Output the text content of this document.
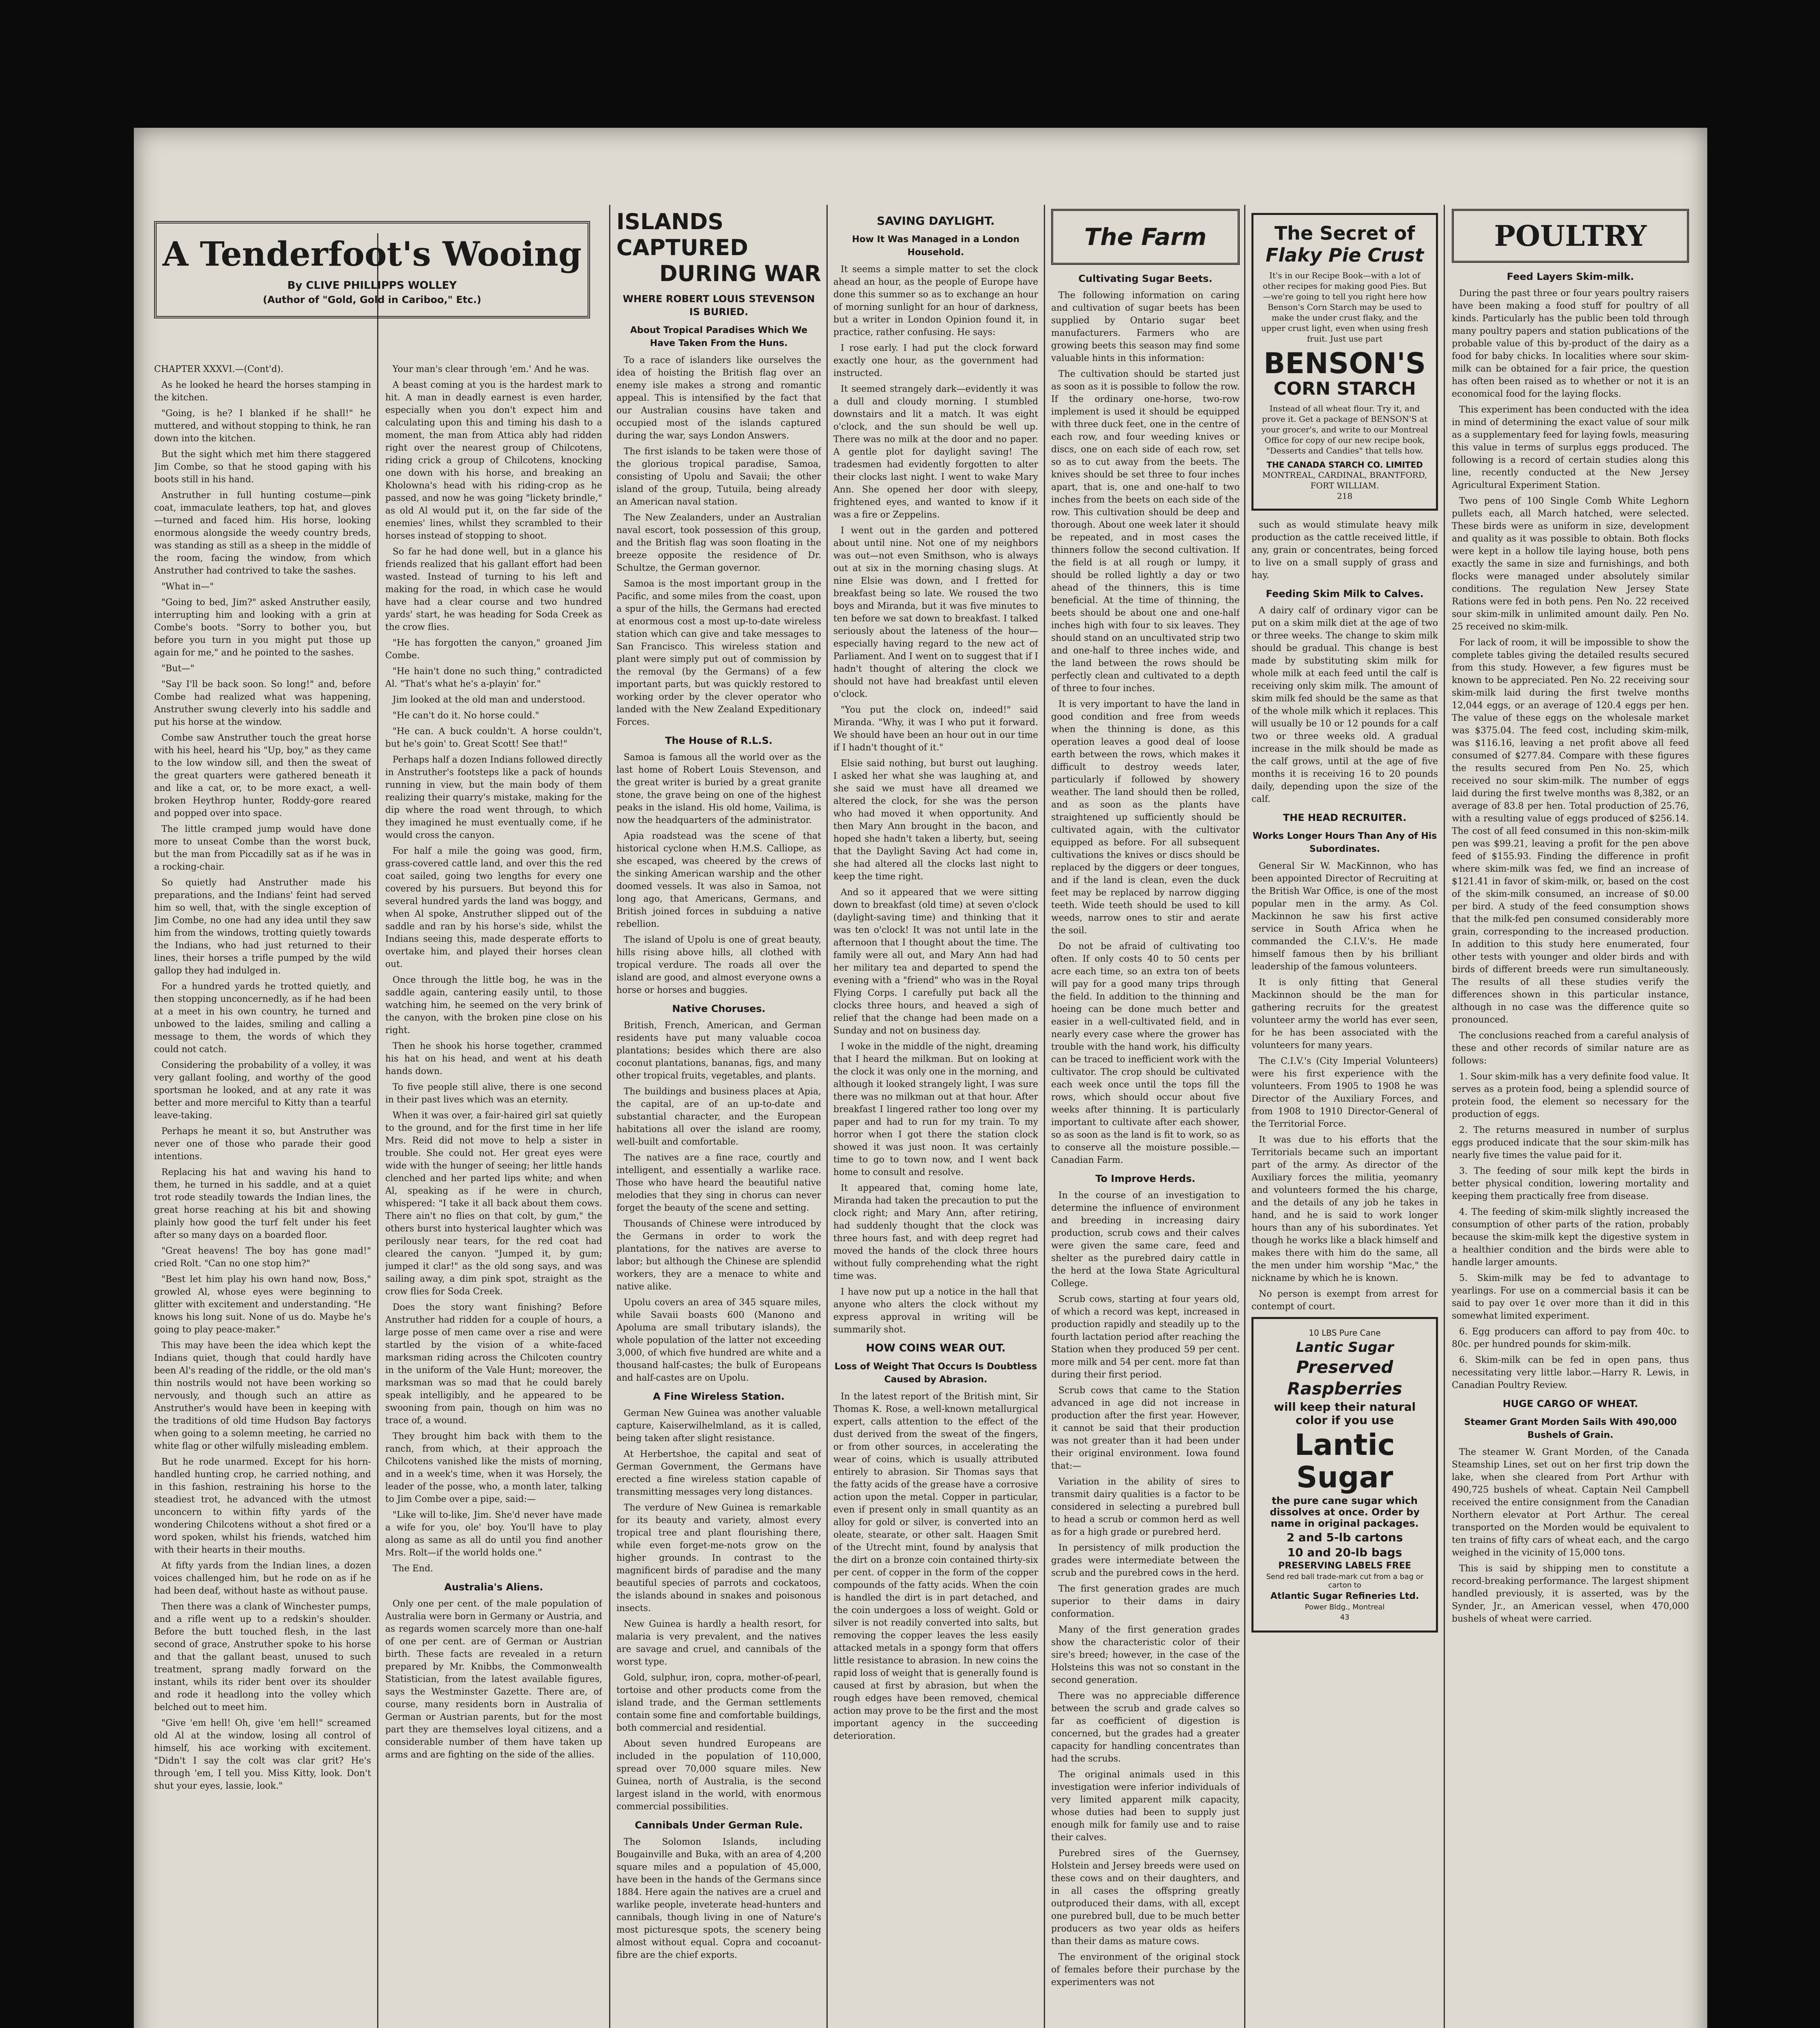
A Tenderfoot's Wooing
By CLIVE PHILLIPPS WOLLEY
(Author of "Gold, Gold in Cariboo," Etc.)

CHAPTER XXXVI.—(Cont'd).

As he looked he heard the horses stamping in the kitchen.

"Going, is he? I blanked if he shall!" he muttered, and without stopping to think, he ran down into the kitchen.

But the sight which met him there staggered Jim Combe, so that he stood gaping with his boots still in his hand.

Anstruther in full hunting costume—pink coat, immaculate leathers, top hat, and gloves—turned and faced him. His horse, looking enormous alongside the weedy country breds, was standing as still as a sheep in the middle of the room, facing the window, from which Anstruther had contrived to take the sashes.

"What in—"

"Going to bed, Jim?" asked Anstruther easily, interrupting him and looking with a grin at Combe's boots. "Sorry to bother you, but before you turn in you might put those up again for me," and he pointed to the sashes.

"But—"

"Say I'll be back soon. So long!" and, before Combe had realized what was happening, Anstruther swung cleverly into his saddle and put his horse at the window.

Combe saw Anstruther touch the great horse with his heel, heard his "Up, boy," as they came to the low window sill, and then the sweat of the great quarters were gathered beneath it and like a cat, or, to be more exact, a well-broken Heythrop hunter, Roddy-gore reared and popped over into space.

The little cramped jump would have done more to unseat Combe than the worst buck, but the man from Piccadilly sat as if he was in a rocking-chair.

So quietly had Anstruther made his preparations, and the Indians' feint had served him so well, that, with the single exception of Jim Combe, no one had any idea until they saw him from the windows, trotting quietly towards the Indians, who had just returned to their lines, their horses a trifle pumped by the wild gallop they had indulged in.

For a hundred yards he trotted quietly, and then stopping unconcernedly, as if he had been at a meet in his own country, he turned and unbowed to the laides, smiling and calling a message to them, the words of which they could not catch.

Considering the probability of a volley, it was very gallant fooling, and worthy of the good sportsman he looked, and at any rate it was better and more merciful to Kitty than a tearful leave-taking.

Perhaps he meant it so, but Anstruther was never one of those who parade their good intentions.

Replacing his hat and waving his hand to them, he turned in his saddle, and at a quiet trot rode steadily towards the Indian lines, the great horse reaching at his bit and showing plainly how good the turf felt under his feet after so many days on a boarded floor.

"Great heavens! The boy has gone mad!" cried Rolt. "Can no one stop him?"

"Best let him play his own hand now, Boss," growled Al, whose eyes were beginning to glitter with excitement and understanding. "He knows his long suit. None of us do. Maybe he's going to play peace-maker."

This may have been the idea which kept the Indians quiet, though that could hardly have been Al's reading of the riddle, or the old man's thin nostrils would not have been working so nervously, and though such an attire as Anstruther's would have been in keeping with the traditions of old time Hudson Bay factorys when going to a solemn meeting, he carried no white flag or other wilfully misleading emblem.

But he rode unarmed. Except for his horn-handled hunting crop, he carried nothing, and in this fashion, restraining his horse to the steadiest trot, he advanced with the utmost unconcern to within fifty yards of the wondering Chilcotens without a shot fired or a word spoken, whilst his friends, watched him with their hearts in their mouths.

At fifty yards from the Indian lines, a dozen voices challenged him, but he rode on as if he had been deaf, without haste as without pause.

Then there was a clank of Winchester pumps, and a rifle went up to a redskin's shoulder. Before the butt touched flesh, in the last second of grace, Anstruther spoke to his horse and that the gallant beast, unused to such treatment, sprang madly forward on the instant, whils its rider bent over its shoulder and rode it headlong into the volley which belched out to meet him.

"Give 'em hell! Oh, give 'em hell!" screamed old Al at the window, losing all control of himself, his ace working with excitement. "Didn't I say the colt was clar grit? He's through 'em, I tell you. Miss Kitty, look. Don't shut your eyes, lassie, look."

Your man's clear through 'em.' And he was.

A beast coming at you is the hardest mark to hit. A man in deadly earnest is even harder, especially when you don't expect him and calculating upon this and timing his dash to a moment, the man from Attica ably had ridden right over the nearest group of Chilcotens, riding crick a group of Chilcotens, knocking one down with his horse, and breaking an Kholowna's head with his riding-crop as he passed, and now he was going "lickety brindle," as old Al would put it, on the far side of the enemies' lines, whilst they scrambled to their horses instead of stopping to shoot.

So far he had done well, but in a glance his friends realized that his gallant effort had been wasted. Instead of turning to his left and making for the road, in which case he would have had a clear course and two hundred yards' start, he was heading for Soda Creek as the crow flies.

"He has forgotten the canyon," groaned Jim Combe.

"He hain't done no such thing," contradicted Al. "That's what he's a-playin' for."

Jim looked at the old man and understood.

"He can't do it. No horse could."

"He can. A buck couldn't. A horse couldn't, but he's goin' to. Great Scott! See that!"

Perhaps half a dozen Indians followed directly in Anstruther's footsteps like a pack of hounds running in view, but the main body of them realizing their quarry's mistake, making for the dip where the road went through, to which they imagined he must eventually come, if he would cross the canyon.

For half a mile the going was good, firm, grass-covered cattle land, and over this the red coat sailed, going two lengths for every one covered by his pursuers. But beyond this for several hundred yards the land was boggy, and when Al spoke, Anstruther slipped out of the saddle and ran by his horse's side, whilst the Indians seeing this, made desperate efforts to overtake him, and played their horses clean out.

Once through the little bog, he was in the saddle again, cantering easily until, to those watching him, he seemed on the very brink of the canyon, with the broken pine close on his right.

Then he shook his horse together, crammed his hat on his head, and went at his death hands down.

To five people still alive, there is one second in their past lives which was an eternity.

When it was over, a fair-haired girl sat quietly to the ground, and for the first time in her life Mrs. Reid did not move to help a sister in trouble. She could not. Her great eyes were wide with the hunger of seeing; her little hands clenched and her parted lips white; and when Al, speaking as if he were in church, whispered: "I take it all back about them cows. There ain't no flies on that colt, by gum," the others burst into hysterical laughter which was perilously near tears, for the red coat had cleared the canyon. "Jumped it, by gum; jumped it clar!" as the old song says, and was sailing away, a dim pink spot, straight as the crow flies for Soda Creek.

Does the story want finishing? Before Anstruther had ridden for a couple of hours, a large posse of men came over a rise and were startled by the vision of a white-faced marksman riding across the Chilcoten country in the uniform of the Vale Hunt; moreover, the marksman was so mad that he could barely speak intelligibly, and he appeared to be swooning from pain, though on him was no trace of, a wound.

They brought him back with them to the ranch, from which, at their approach the Chilcotens vanished like the mists of morning, and in a week's time, when it was Horsely, the leader of the posse, who, a month later, talking to Jim Combe over a pipe, said:—

"Like will to-like, Jim. She'd never have made a wife for you, ole' boy. You'll have to play along as same as all do until you find another Mrs. Rolt—if the world holds one."

The End.

Australia's Aliens.

Only one per cent. of the male population of Australia were born in Germany or Austria, and as regards women scarcely more than one-half of one per cent. are of German or Austrian birth. These facts are revealed in a return prepared by Mr. Knibbs, the Commonwealth Statistician, from the latest available figures, says the Westminster Gazette. There are, of course, many residents born in Australia of German or Austrian parents, but for the most part they are themselves loyal citizens, and a considerable number of them have taken up arms and are fighting on the side of the allies.

ISLANDS CAPTURED
DURING WAR
WHERE ROBERT LOUIS STEVENSON IS BURIED.
About Tropical Paradises Which We Have Taken From the Huns.

To a race of islanders like ourselves the idea of hoisting the British flag over an enemy isle makes a strong and romantic appeal. This is intensified by the fact that our Australian cousins have taken and occupied most of the islands captured during the war, says London Answers.

The first islands to be taken were those of the glorious tropical paradise, Samoa, consisting of Upolu and Savaii; the other island of the group, Tutuila, being already an American naval station.

The New Zealanders, under an Australian naval escort, took possession of this group, and the British flag was soon floating in the breeze opposite the residence of Dr. Schultze, the German governor.

Samoa is the most important group in the Pacific, and some miles from the coast, upon a spur of the hills, the Germans had erected at enormous cost a most up-to-date wireless station which can give and take messages to San Francisco. This wireless station and plant were simply put out of commission by the removal (by the Germans) of a few important parts, but was quickly restored to working order by the clever operator who landed with the New Zealand Expeditionary Forces.

The House of R.L.S.

Samoa is famous all the world over as the last home of Robert Louis Stevenson, and the great writer is buried by a great granite stone, the grave being on one of the highest peaks in the island. His old home, Vailima, is now the headquarters of the administrator.

Apia roadstead was the scene of that historical cyclone when H.M.S. Calliope, as she escaped, was cheered by the crews of the sinking American warship and the other doomed vessels. It was also in Samoa, not long ago, that Americans, Germans, and British joined forces in subduing a native rebellion.

The island of Upolu is one of great beauty, hills rising above hills, all clothed with tropical verdure. The roads all over the island are good, and almost everyone owns a horse or horses and buggies.

Native Choruses.

British, French, American, and German residents have put many valuable cocoa plantations; besides which there are also coconut plantations, bananas, figs, and many other tropical fruits, vegetables, and plants.

The buildings and business places at Apia, the capital, are of an up-to-date and substantial character, and the European habitations all over the island are roomy, well-built and comfortable.

The natives are a fine race, courtly and intelligent, and essentially a warlike race. Those who have heard the beautiful native melodies that they sing in chorus can never forget the beauty of the scene and setting.

Thousands of Chinese were introduced by the Germans in order to work the plantations, for the natives are averse to labor; but although the Chinese are splendid workers, they are a menace to white and native alike.

Upolu covers an area of 345 square miles, while Savaii boasts 600 (Manono and Apoluma are small tributary islands), the whole population of the latter not exceeding 3,000, of which five hundred are white and a thousand half-castes; the bulk of Europeans and half-castes are on Upolu.

A Fine Wireless Station.

German New Guinea was another valuable capture, Kaiserwilhelmland, as it is called, being taken after slight resistance.

At Herbertshoe, the capital and seat of German Government, the Germans have erected a fine wireless station capable of transmitting messages very long distances.

The verdure of New Guinea is remarkable for its beauty and variety, almost every tropical tree and plant flourishing there, while even forget-me-nots grow on the higher grounds. In contrast to the magnificent birds of paradise and the many beautiful species of parrots and cockatoos, the islands abound in snakes and poisonous insects.

New Guinea is hardly a health resort, for malaria is very prevalent, and the natives are savage and cruel, and cannibals of the worst type.

Gold, sulphur, iron, copra, mother-of-pearl, tortoise and other products come from the island trade, and the German settlements contain some fine and comfortable buildings, both commercial and residential.

About seven hundred Europeans are included in the population of 110,000, spread over 70,000 square miles. New Guinea, north of Australia, is the second largest island in the world, with enormous commercial possibilities.

Cannibals Under German Rule.

The Solomon Islands, including Bougainville and Buka, with an area of 4,200 square miles and a population of 45,000, have been in the hands of the Germans since 1884. Here again the natives are a cruel and warlike people, inveterate head-hunters and cannibals, though living in one of Nature's most picturesque spots, the scenery being almost without equal. Copra and cocoanut-fibre are the chief exports.

SAVING DAYLIGHT.
How It Was Managed in a London Household.

It seems a simple matter to set the clock ahead an hour, as the people of Europe have done this summer so as to exchange an hour of morning sunlight for an hour of darkness, but a writer in London Opinion found it, in practice, rather confusing. He says:

I rose early. I had put the clock forward exactly one hour, as the government had instructed.

It seemed strangely dark—evidently it was a dull and cloudy morning. I stumbled downstairs and lit a match. It was eight o'clock, and the sun should be well up. There was no milk at the door and no paper. A gentle plot for daylight saving! The tradesmen had evidently forgotten to alter their clocks last night. I went to wake Mary Ann. She opened her door with sleepy, frightened eyes, and wanted to know if it was a fire or Zeppelins.

I went out in the garden and pottered about until nine. Not one of my neighbors was out—not even Smithson, who is always out at six in the morning chasing slugs. At nine Elsie was down, and I fretted for breakfast being so late. We roused the two boys and Miranda, but it was five minutes to ten before we sat down to breakfast. I talked seriously about the lateness of the hour—especially having regard to the new act of Parliament. And I went on to suggest that if I hadn't thought of altering the clock we should not have had breakfast until eleven o'clock.

"You put the clock on, indeed!" said Miranda. "Why, it was I who put it forward. We should have been an hour out in our time if I hadn't thought of it."

Elsie said nothing, but burst out laughing. I asked her what she was laughing at, and she said we must have all dreamed we altered the clock, for she was the person who had moved it when opportunity. And then Mary Ann brought in the bacon, and hoped she hadn't taken a liberty, but, seeing that the Daylight Saving Act had come in, she had altered all the clocks last night to keep the time right.

And so it appeared that we were sitting down to breakfast (old time) at seven o'clock (daylight-saving time) and thinking that it was ten o'clock! It was not until late in the afternoon that I thought about the time. The family were all out, and Mary Ann had had her military tea and departed to spend the evening with a "friend" who was in the Royal Flying Corps. I carefully put back all the clocks three hours, and heaved a sigh of relief that the change had been made on a Sunday and not on business day.

I woke in the middle of the night, dreaming that I heard the milkman. But on looking at the clock it was only one in the morning, and although it looked strangely light, I was sure there was no milkman out at that hour. After breakfast I lingered rather too long over my paper and had to run for my train. To my horror when I got there the station clock showed it was just noon. It was certainly time to go to town now, and I went back home to consult and resolve.

It appeared that, coming home late, Miranda had taken the precaution to put the clock right; and Mary Ann, after retiring, had suddenly thought that the clock was three hours fast, and with deep regret had moved the hands of the clock three hours without fully comprehending what the right time was.

I have now put up a notice in the hall that anyone who alters the clock without my express approval in writing will be summarily shot.

HOW COINS WEAR OUT.
Loss of Weight That Occurs Is Doubtless Caused by Abrasion.

In the latest report of the British mint, Sir Thomas K. Rose, a well-known metallurgical expert, calls attention to the effect of the dust derived from the sweat of the fingers, or from other sources, in accelerating the wear of coins, which is usually attributed entirely to abrasion. Sir Thomas says that the fatty acids of the grease have a corrosive action upon the metal. Copper in particular, even if present only in small quantity as an alloy for gold or silver, is converted into an oleate, stearate, or other salt. Haagen Smit of the Utrecht mint, found by analysis that the dirt on a bronze coin contained thirty-six per cent. of copper in the form of the copper compounds of the fatty acids. When the coin is handled the dirt is in part detached, and the coin undergoes a loss of weight. Gold or silver is not readily converted into salts, but removing the copper leaves the less easily attacked metals in a spongy form that offers little resistance to abrasion. In new coins the rapid loss of weight that is generally found is caused at first by abrasion, but when the rough edges have been removed, chemical action may prove to be the first and the most important agency in the succeeding deterioration.

The Farm
Cultivating Sugar Beets.

The following information on caring and cultivation of sugar beets has been supplied by Ontario sugar beet manufacturers. Farmers who are growing beets this season may find some valuable hints in this information:

The cultivation should be started just as soon as it is possible to follow the row. If the ordinary one-horse, two-row implement is used it should be equipped with three duck feet, one in the centre of each row, and four weeding knives or discs, one on each side of each row, set so as to cut away from the beets. The knives should be set three to four inches apart, that is, one and one-half to two inches from the beets on each side of the row. This cultivation should be deep and thorough. About one week later it should be repeated, and in most cases the thinners follow the second cultivation. If the field is at all rough or lumpy, it should be rolled lightly a day or two ahead of the thinners, this is time beneficial. At the time of thinning, the beets should be about one and one-half inches high with four to six leaves. They should stand on an uncultivated strip two and one-half to three inches wide, and the land between the rows should be perfectly clean and cultivated to a depth of three to four inches.

It is very important to have the land in good condition and free from weeds when the thinning is done, as this operation leaves a good deal of loose earth between the rows, which makes it difficult to destroy weeds later, particularly if followed by showery weather. The land should then be rolled, and as soon as the plants have straightened up sufficiently should be cultivated again, with the cultivator equipped as before. For all subsequent cultivations the knives or discs should be replaced by the diggers or deer tongues, and if the land is clean, even the duck feet may be replaced by narrow digging teeth. Wide teeth should be used to kill weeds, narrow ones to stir and aerate the soil.

Do not be afraid of cultivating too often. If only costs 40 to 50 cents per acre each time, so an extra ton of beets will pay for a good many trips through the field. In addition to the thinning and hoeing can be done much better and easier in a well-cultivated field, and in nearly every case where the grower has trouble with the hand work, his difficulty can be traced to inefficient work with the cultivator. The crop should be cultivated each week once until the tops fill the rows, which should occur about five weeks after thinning. It is particularly important to cultivate after each shower, so as soon as the land is fit to work, so as to conserve all the moisture possible.—Canadian Farm.

To Improve Herds.

In the course of an investigation to determine the influence of environment and breeding in increasing dairy production, scrub cows and their calves were given the same care, feed and shelter as the purebred dairy cattle in the herd at the Iowa State Agricultural College.

Scrub cows, starting at four years old, of which a record was kept, increased in production rapidly and steadily up to the fourth lactation period after reaching the Station when they produced 59 per cent. more milk and 54 per cent. more fat than during their first period.

Scrub cows that came to the Station advanced in age did not increase in production after the first year. However, it cannot be said that their production was not greater than it had been under their original environment. Iowa found that:—

Variation in the ability of sires to transmit dairy qualities is a factor to be considered in selecting a purebred bull to head a scrub or common herd as well as for a high grade or purebred herd.

In persistency of milk production the grades were intermediate between the scrub and the purebred cows in the herd.

The first generation grades are much superior to their dams in dairy conformation.

Many of the first generation grades show the characteristic color of their sire's breed; however, in the case of the Holsteins this was not so constant in the second generation.

There was no appreciable difference between the scrub and grade calves so far as coefficient of digestion is concerned, but the grades had a greater capacity for handling concentrates than had the scrubs.

The original animals used in this investigation were inferior individuals of very limited apparent milk capacity, whose duties had been to supply just enough milk for family use and to raise their calves.

Purebred sires of the Guernsey, Holstein and Jersey breeds were used on these cows and on their daughters, and in all cases the offspring greatly outproduced their dams, with all, except one purebred bull, due to be much better producers as two year olds as heifers than their dams as mature cows.

The environment of the original stock of females before their purchase by the experimenters was not

The Secret of
Flaky Pie Crust
It's in our Recipe Book—with a lot of other recipes for making good Pies. But—we're going to tell you right here how Benson's Corn Starch may be used to make the under crust flaky, and the upper crust light, even when using fresh fruit. Just use part
BENSON'S
CORN STARCH
Instead of all wheat flour. Try it, and prove it. Get a package of BENSON'S at your grocer's, and write to our Montreal Office for copy of our new recipe book, "Desserts and Candies" that tells how.
THE CANADA STARCH CO. LIMITED
MONTREAL, CARDINAL, BRANTFORD, FORT WILLIAM.
218

such as would stimulate heavy milk production as the cattle received little, if any, grain or concentrates, being forced to live on a small supply of grass and hay.

Feeding Skim Milk to Calves.

A dairy calf of ordinary vigor can be put on a skim milk diet at the age of two or three weeks. The change to skim milk should be gradual. This change is best made by substituting skim milk for whole milk at each feed until the calf is receiving only skim milk. The amount of skim milk fed should be the same as that of the whole milk which it replaces. This will usually be 10 or 12 pounds for a calf two or three weeks old. A gradual increase in the milk should be made as the calf grows, until at the age of five months it is receiving 16 to 20 pounds daily, depending upon the size of the calf.

THE HEAD RECRUITER.
Works Longer Hours Than Any of His Subordinates.

General Sir W. MacKinnon, who has been appointed Director of Recruiting at the British War Office, is one of the most popular men in the army. As Col. Mackinnon he saw his first active service in South Africa when he commanded the C.I.V.'s. He made himself famous then by his brilliant leadership of the famous volunteers.

It is only fitting that General Mackinnon should be the man for gathering recruits for the greatest volunteer army the world has ever seen, for he has been associated with the volunteers for many years.

The C.I.V.'s (City Imperial Volunteers) were his first experience with the volunteers. From 1905 to 1908 he was Director of the Auxiliary Forces, and from 1908 to 1910 Director-General of the Territorial Force.

It was due to his efforts that the Territorials became such an important part of the army. As director of the Auxiliary forces the militia, yeomanry and volunteers formed the his charge, and the details of any job he takes in hand, and he is said to work longer hours than any of his subordinates. Yet though he works like a black himself and makes there with him do the same, all the men under him worship "Mac," the nickname by which he is known.

No person is exempt from arrest for contempt of court.

10 LBS Pure Cane
Lantic Sugar
Preserved
Raspberries
will keep their natural color if you use
Lantic Sugar
the pure cane sugar which dissolves at once. Order by name in original packages.
2 and 5-lb cartons
10 and 20-lb bags
PRESERVING LABELS FREE
Send red ball trade-mark cut from a bag or carton to
Atlantic Sugar Refineries Ltd.
Power Bldg., Montreal
43
POULTRY
Feed Layers Skim-milk.

During the past three or four years poultry raisers have been making a food stuff for poultry of all kinds. Particularly has the public been told through many poultry papers and station publications of the probable value of this by-product of the dairy as a food for baby chicks. In localities where sour skim-milk can be obtained for a fair price, the question has often been raised as to whether or not it is an economical food for the laying flocks.

This experiment has been conducted with the idea in mind of determining the exact value of sour milk as a supplementary feed for laying fowls, measuring this value in terms of surplus eggs produced. The following is a record of certain studies along this line, recently conducted at the New Jersey Agricultural Experiment Station.

Two pens of 100 Single Comb White Leghorn pullets each, all March hatched, were selected. These birds were as uniform in size, development and quality as it was possible to obtain. Both flocks were kept in a hollow tile laying house, both pens exactly the same in size and furnishings, and both flocks were managed under absolutely similar conditions. The regulation New Jersey State Rations were fed in both pens. Pen No. 22 received sour skim-milk in unlimited amount daily. Pen No. 25 received no skim-milk.

For lack of room, it will be impossible to show the complete tables giving the detailed results secured from this study. However, a few figures must be known to be appreciated. Pen No. 22 receiving sour skim-milk laid during the first twelve months 12,044 eggs, or an average of 120.4 eggs per hen. The value of these eggs on the wholesale market was $375.04. The feed cost, including skim-milk, was $116.16, leaving a net profit above all feed consumed of $277.84. Compare with these figures the results secured from Pen No. 25, which received no sour skim-milk. The number of eggs laid during the first twelve months was 8,382, or an average of 83.8 per hen. Total production of 25.76, with a resulting value of eggs produced of $256.14. The cost of all feed consumed in this non-skim-milk pen was $99.21, leaving a profit for the pen above feed of $155.93. Finding the difference in profit where skim-milk was fed, we find an increase of $121.41 in favor of skim-milk, or, based on the cost of the skim-milk consumed, an increase of $0.00 per bird. A study of the feed consumption shows that the milk-fed pen consumed considerably more grain, corresponding to the increased production. In addition to this study here enumerated, four other tests with younger and older birds and with birds of different breeds were run simultaneously. The results of all these studies verify the differences shown in this particular instance, although in no case was the difference quite so pronounced.

The conclusions reached from a careful analysis of these and other records of similar nature are as follows:

1. Sour skim-milk has a very definite food value. It serves as a protein food, being a splendid source of protein food, the element so necessary for the production of eggs.

2. The returns measured in number of surplus eggs produced indicate that the sour skim-milk has nearly five times the value paid for it.

3. The feeding of sour milk kept the birds in better physical condition, lowering mortality and keeping them practically free from disease.

4. The feeding of skim-milk slightly increased the consumption of other parts of the ration, probably because the skim-milk kept the digestive system in a healthier condition and the birds were able to handle larger amounts.

5. Skim-milk may be fed to advantage to yearlings. For use on a commercial basis it can be said to pay over 1¢ over more than it did in this somewhat limited experiment.

6. Egg producers can afford to pay from 40c. to 80c. per hundred pounds for skim-milk.

6. Skim-milk can be fed in open pans, thus necessitating very little labor.—Harry R. Lewis, in Canadian Poultry Review.

HUGE CARGO OF WHEAT.
Steamer Grant Morden Sails With 490,000 Bushels of Grain.

The steamer W. Grant Morden, of the Canada Steamship Lines, set out on her first trip down the lake, when she cleared from Port Arthur with 490,725 bushels of wheat. Captain Neil Campbell received the entire consignment from the Canadian Northern elevator at Port Arthur. The cereal transported on the Morden would be equivalent to ten trains of fifty cars of wheat each, and the cargo weighed in the vicinity of 15,000 tons.

This is said by shipping men to constitute a record-breaking performance. The largest shipment handled previously, it is asserted, was by the Synder, Jr., an American vessel, when 470,000 bushels of wheat were carried.
